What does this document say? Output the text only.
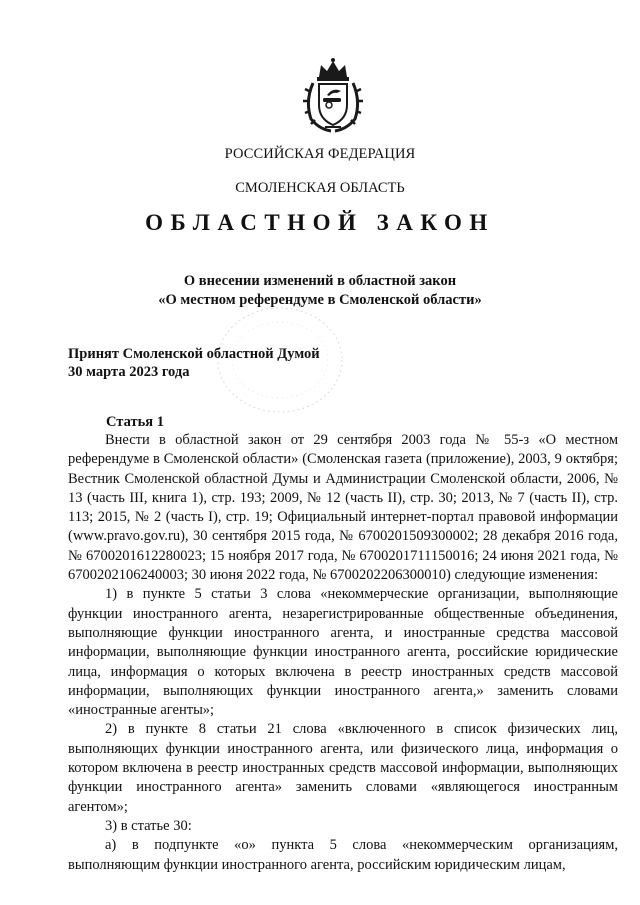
РОССИЙСКАЯ ФЕДЕРАЦИЯ
СМОЛЕНСКАЯ ОБЛАСТЬ
ОБЛАСТНОЙ ЗАКОН
О внесении изменений в областной закон
«О местном референдуме в Смоленской области»
Принят Смоленской областной Думой
30 марта 2023 года
Статья 1

Внести в областной закон от 29 сентября 2003 года № 55-з «О местном референдуме в Смоленской области» (Смоленская газета (приложение), 2003, 9 октября; Вестник Смоленской областной Думы и Администрации Смоленской области, 2006, № 13 (часть III, книга 1), стр. 193; 2009, № 12 (часть II), стр. 30; 2013, № 7 (часть II), стр. 113; 2015, № 2 (часть I), стр. 19; Официальный интернет-портал правовой информации (www.pravo.gov.ru), 30 сентября 2015 года, № 6700201509300002; 28 декабря 2016 года, № 6700201612280023; 15 ноября 2017 года, № 6700201711150016; 24 июня 2021 года, № 6700202106240003; 30 июня 2022 года, № 6700202206300010) следующие изменения:

1) в пункте 5 статьи 3 слова «некоммерческие организации, выполняющие функции иностранного агента, незарегистрированные общественные объединения, выполняющие функции иностранного агента, и иностранные средства массовой информации, выполняющие функции иностранного агента, российские юридические лица, информация о которых включена в реестр иностранных средств массовой информации, выполняющих функции иностранного агента,» заменить словами «иностранные агенты»;

2) в пункте 8 статьи 21 слова «включенного в список физических лиц, выполняющих функции иностранного агента, или физического лица, информация о котором включена в реестр иностранных средств массовой информации, выполняющих функции иностранного агента» заменить словами «являющегося иностранным агентом»;

3) в статье 30:

а) в подпункте «о» пункта 5 слова «некоммерческим организациям, выполняющим функции иностранного агента, российским юридическим лицам,
